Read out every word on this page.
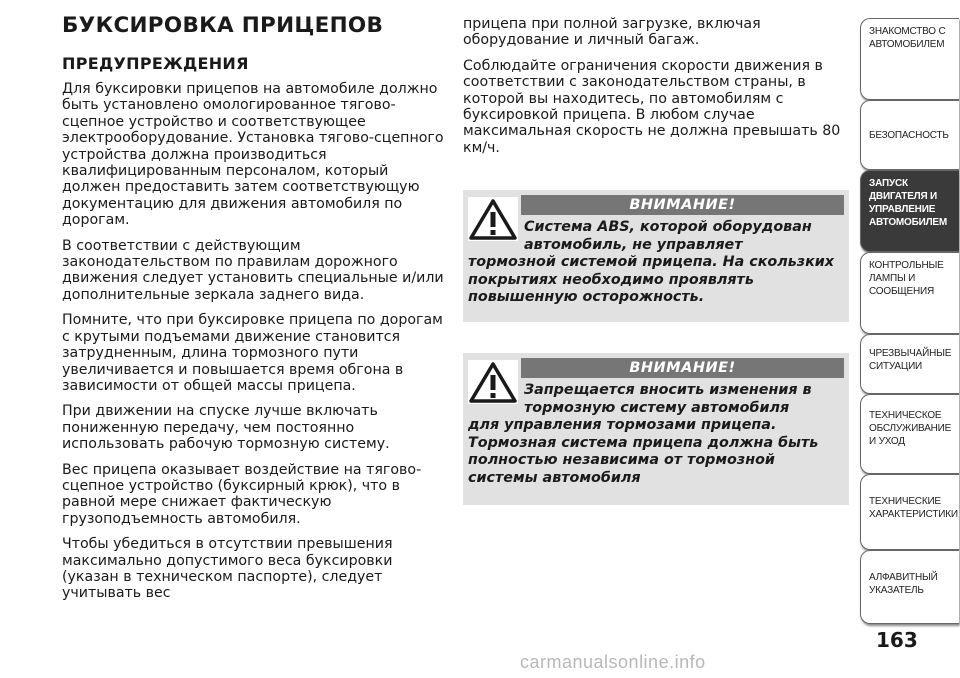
БУКСИРОВКА ПРИЦЕПОВ
ПРЕДУПРЕЖДЕНИЯ

Для буксировки прицепов на автомобиле должно быть установлено омологированное тягово-сцепное устройство и соответствующее электрооборудование. Установка тягово-сцепного устройства должна производиться квалифицированным персоналом, который должен предоставить затем соответствующую документацию для движения автомобиля по дорогам.

В соответствии с действующим законодательством по правилам дорожного движения следует установить специальные и/или дополнительные зеркала заднего вида.

Помните, что при буксировке прицепа по дорогам с крутыми подъемами движение становится затрудненным, длина тормозного пути увеличивается и повышается время обгона в зависимости от общей массы прицепа.

При движении на спуске лучше включать пониженную передачу, чем постоянно использовать рабочую тормозную систему.

Вес прицепа оказывает воздействие на тягово-сцепное устройство (буксирный крюк), что в равной мере снижает фактическую грузоподъемность автомобиля.

Чтобы убедиться в отсутствии превышения максимально допустимого веса буксировки (указан в техническом паспорте), следует учитывать вес

прицепа при полной загрузке, включая оборудование и личный багаж.

Соблюдайте ограничения скорости движения в соответствии с законодательством страны, в которой вы находитесь, по автомобилям с буксировкой прицепа. В любом случае максимальная скорость не должна превышать 80 км/ч.

ВНИМАНИЕ!
Система ABS, которой оборудован автомобиль, не управляет
тормозной системой прицепа. На скользких покрытиях необходимо проявлять повышенную осторожность.
ВНИМАНИЕ!
Запрещается вносить изменения в тормозную систему автомобиля
для управления тормозами прицепа. Тормозная система прицепа должна быть полностью независима от тормозной системы автомобиля
ЗНАКОМСТВО С АВТОМОБИЛЕМ
БЕЗОПАСНОСТЬ
ЗАПУСК ДВИГАТЕЛЯ И УПРАВЛЕНИЕ АВТОМОБИЛЕМ
КОНТРОЛЬНЫЕ ЛАМПЫ И СООБЩЕНИЯ
ЧРЕЗВЫЧАЙНЫЕ СИТУАЦИИ
ТЕХНИЧЕСКОЕ ОБСЛУЖИВАНИЕ И УХОД
ТЕХНИЧЕСКИЕ ХАРАКТЕРИСТИКИ
АЛФАВИТНЫЙ УКАЗАТЕЛЬ
163
carmanualsonline.info
